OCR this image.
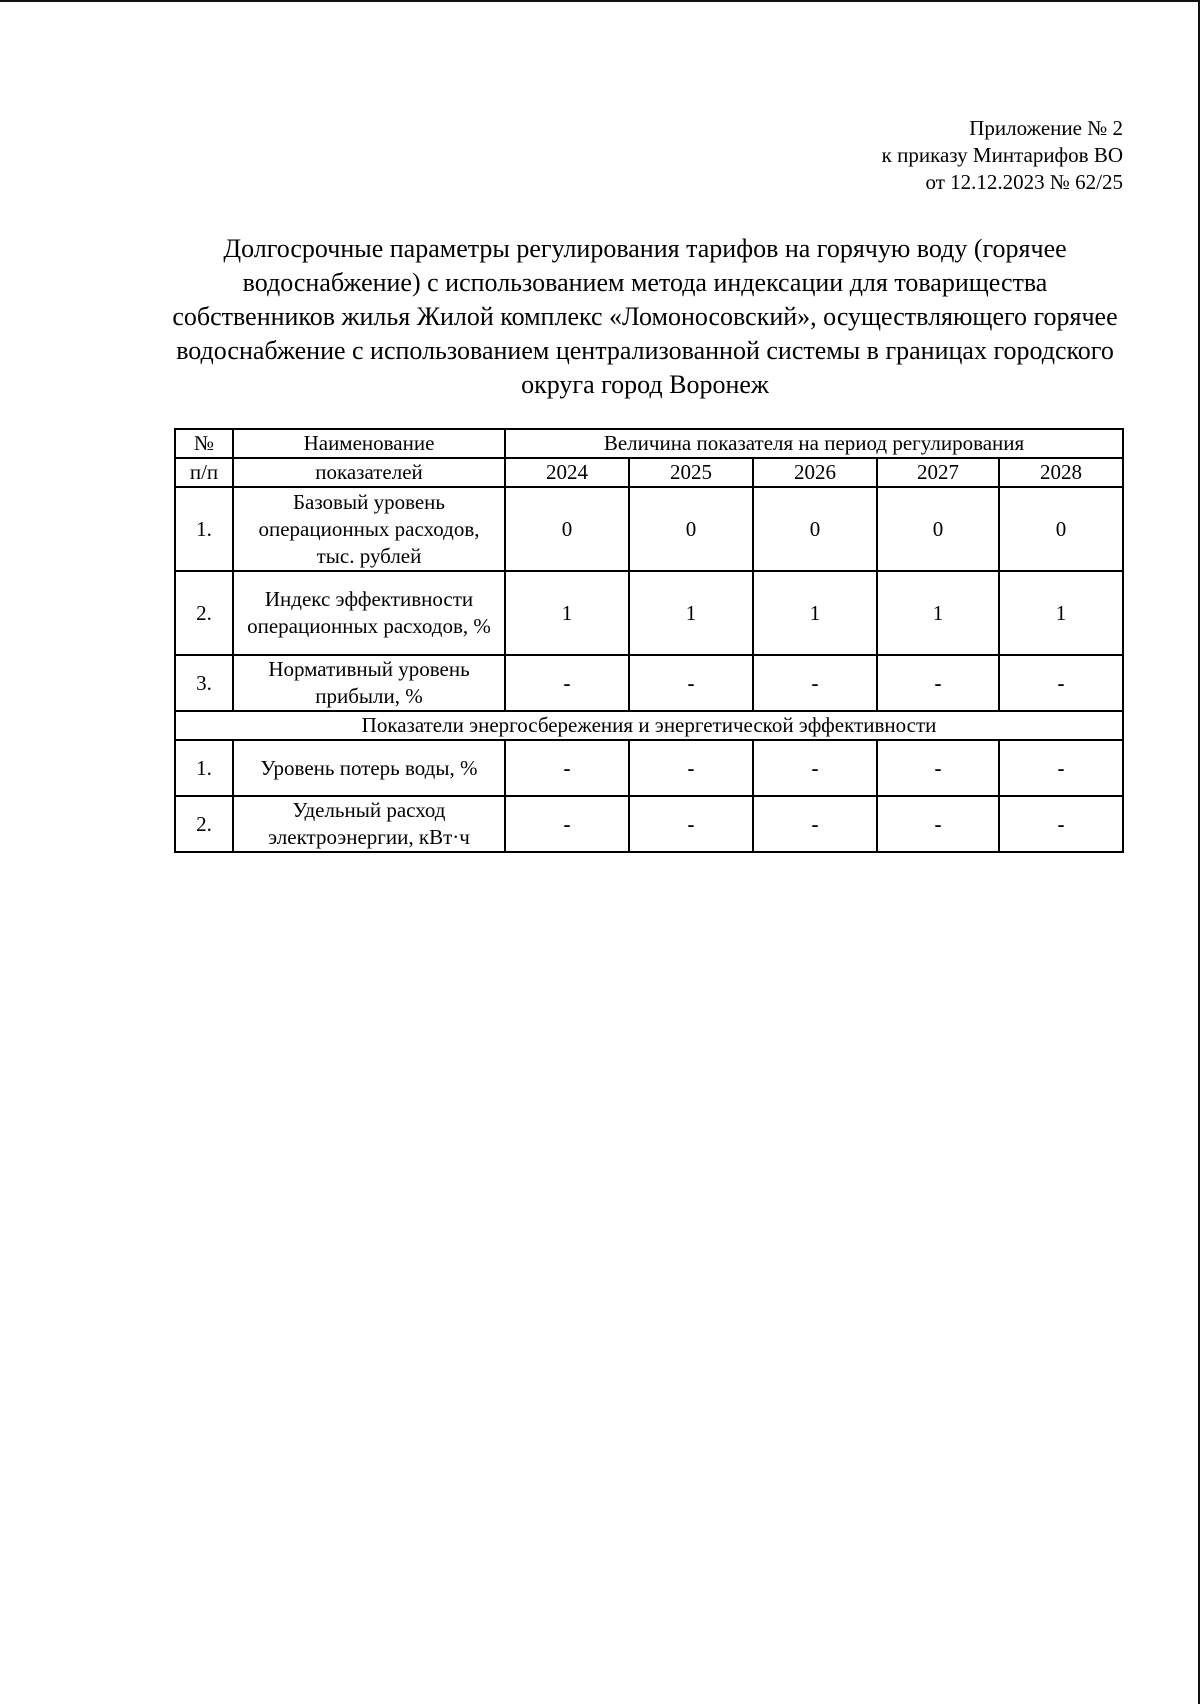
Приложение № 2
к приказу Минтарифов ВО
от 12.12.2023 № 62/25
Долгосрочные параметры регулирования тарифов на горячую воду (горячее водоснабжение) с использованием метода индексации для товарищества собственников жилья Жилой комплекс «Ломоносовский», осуществляющего горячее водоснабжение с использованием централизованной системы в границах городского округа город Воронеж
№	Наименование	Величина показателя на период регулирования				
п/п	показателей	2024	2025	2026	2027	2028
1.	Базовый уровень операционных расходов, тыс. рублей	0	0	0	0	0
2.	Индекс эффективности операционных расходов, %	1	1	1	1	1
3.	Нормативный уровень прибыли, %	-	-	-	-	-
Показатели энергосбережения и энергетической эффективности						
1.	Уровень потерь воды, %	-	-	-	-	-
2.	Удельный расход электроэнергии, кВт·ч	-	-	-	-	-
